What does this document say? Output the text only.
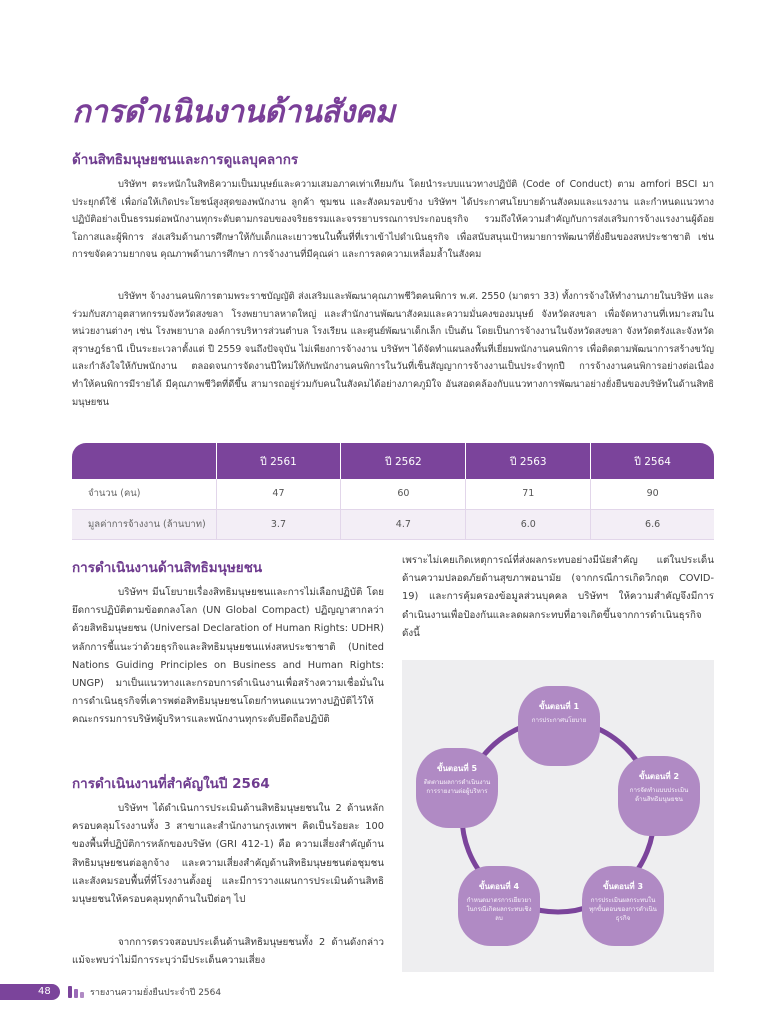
การดำเนินงานด้านสังคม
ด้านสิทธิมนุษยชนและการดูแลบุคลากร

บริษัทฯ ตระหนักในสิทธิความเป็นมนุษย์และความเสมอภาคเท่าเทียมกัน โดยนำระบบแนวทางปฏิบัติ (Code of Conduct) ตาม amfori BSCI มาประยุกต์ใช้ เพื่อก่อให้เกิดประโยชน์สูงสุดของพนักงาน ลูกค้า ชุมชน และสังคมรอบข้าง บริษัทฯ ได้ประกาศนโยบายด้านสังคมและแรงงาน และกำหนดแนวทางปฏิบัติอย่างเป็นธรรมต่อพนักงานทุกระดับตามกรอบของจริยธรรมและจรรยาบรรณการประกอบธุรกิจ รวมถึงให้ความสำคัญกับการส่งเสริมการจ้างแรงงานผู้ด้อยโอกาสและผู้พิการ ส่งเสริมด้านการศึกษาให้กับเด็กและเยาวชนในพื้นที่ที่เราเข้าไปดำเนินธุรกิจ เพื่อสนับสนุนเป้าหมายการพัฒนาที่ยั่งยืนของสหประชาชาติ เช่น การขจัดความยากจน คุณภาพด้านการศึกษา การจ้างงานที่มีคุณค่า และการลดความเหลื่อมล้ำในสังคม

บริษัทฯ จ้างงานคนพิการตามพระราชบัญญัติ ส่งเสริมและพัฒนาคุณภาพชีวิตคนพิการ พ.ศ. 2550 (มาตรา 33) ทั้งการจ้างให้ทำงานภายในบริษัท และร่วมกับสภาอุตสาหกรรมจังหวัดสงขลา โรงพยาบาลหาดใหญ่ และสำนักงานพัฒนาสังคมและความมั่นคงของมนุษย์ จังหวัดสงขลา เพื่อจัดหางานที่เหมาะสมในหน่วยงานต่างๆ เช่น โรงพยาบาล องค์การบริหารส่วนตำบล โรงเรียน และศูนย์พัฒนาเด็กเล็ก เป็นต้น โดยเป็นการจ้างงานในจังหวัดสงขลา จังหวัดตรังและจังหวัดสุราษฎร์ธานี เป็นระยะเวลาตั้งแต่ ปี 2559 จนถึงปัจจุบัน ไม่เพียงการจ้างงาน บริษัทฯ ได้จัดทำแผนลงพื้นที่เยี่ยมพนักงานคนพิการ เพื่อติดตามพัฒนาการสร้างขวัญและกำลังใจให้กับพนักงาน ตลอดจนการจัดงานปีใหม่ให้กับพนักงานคนพิการในวันที่เซ็นสัญญาการจ้างงานเป็นประจำทุกปี การจ้างงานคนพิการอย่างต่อเนื่อง ทำให้คนพิการมีรายได้ มีคุณภาพชีวิตที่ดีขึ้น สามารถอยู่ร่วมกับคนในสังคมได้อย่างภาคภูมิใจ อันสอดคล้องกับแนวทางการพัฒนาอย่างยั่งยืนของบริษัทในด้านสิทธิมนุษยชน

	ปี 2561	ปี 2562	ปี 2563	ปี 2564
จำนวน (คน)	47	60	71	90
มูลค่าการจ้างงาน (ล้านบาท)	3.7	4.7	6.0	6.6
การดำเนินงานด้านสิทธิมนุษยชน

บริษัทฯ มีนโยบายเรื่องสิทธิมนุษยชนและการไม่เลือกปฏิบัติ โดยยึดการปฏิบัติตามข้อตกลงโลก (UN Global Compact) ปฏิญญาสากลว่าด้วยสิทธิมนุษยชน (Universal Declaration of Human Rights: UDHR) หลักการชี้แนะว่าด้วยธุรกิจและสิทธิมนุษยชนแห่งสหประชาชาติ (United Nations Guiding Principles on Business and Human Rights: UNGP) มาเป็นแนวทางและกรอบการดำเนินงานเพื่อสร้างความเชื่อมั่นในการดำเนินธุรกิจที่เคารพต่อสิทธิมนุษยชนโดยกำหนดแนวทางปฏิบัติไว้ให้คณะกรรมการบริษัทผู้บริหารและพนักงานทุกระดับยึดถือปฏิบัติ

การดำเนินงานที่สำคัญในปี 2564

บริษัทฯ ได้ดำเนินการประเมินด้านสิทธิมนุษยชนใน 2 ด้านหลัก ครอบคลุมโรงงานทั้ง 3 สาขาและสำนักงานกรุงเทพฯ คิดเป็นร้อยละ 100 ของพื้นที่ปฏิบัติการหลักของบริษัท (GRI 412-1) คือ ความเสี่ยงสำคัญด้านสิทธิมนุษยชนต่อลูกจ้าง และความเสี่ยงสำคัญด้านสิทธิมนุษยชนต่อชุมชนและสังคมรอบพื้นที่ที่โรงงานตั้งอยู่ และมีการวางแผนการประเมินด้านสิทธิมนุษยชนให้ครอบคลุมทุกด้านในปีต่อๆ ไป

จากการตรวจสอบประเด็นด้านสิทธิมนุษยชนทั้ง 2 ด้านดังกล่าว แม้จะพบว่าไม่มีการระบุว่ามีประเด็นความเสี่ยง

เพราะไม่เคยเกิดเหตุการณ์ที่ส่งผลกระทบอย่างมีนัยสำคัญ แต่ในประเด็นด้านความปลอดภัยด้านสุขภาพอนามัย (จากกรณีการเกิดวิกฤต COVID-19) และการคุ้มครองข้อมูลส่วนบุคคล บริษัทฯ ให้ความสำคัญจึงมีการดำเนินงานเพื่อป้องกันและลดผลกระทบที่อาจเกิดขึ้นจากการดำเนินธุรกิจ ดังนี้

ขั้นตอนที่ 1
การประกาศนโยบาย
ขั้นตอนที่ 2
การจัดทำแบบประเมินด้านสิทธิมนุษยชน
ขั้นตอนที่ 3
การประเมินผลกระทบในทุกขั้นตอนของการดำเนินธุรกิจ
ขั้นตอนที่ 4
กำหนดมาตรการเยียวยาในกรณีเกิดผลกระทบเชิงลบ
ขั้นตอนที่ 5
ติดตามผลการดำเนินงาน การรายงานต่อผู้บริหาร
48	รายงานความยั่งยืนประจำปี 2564
